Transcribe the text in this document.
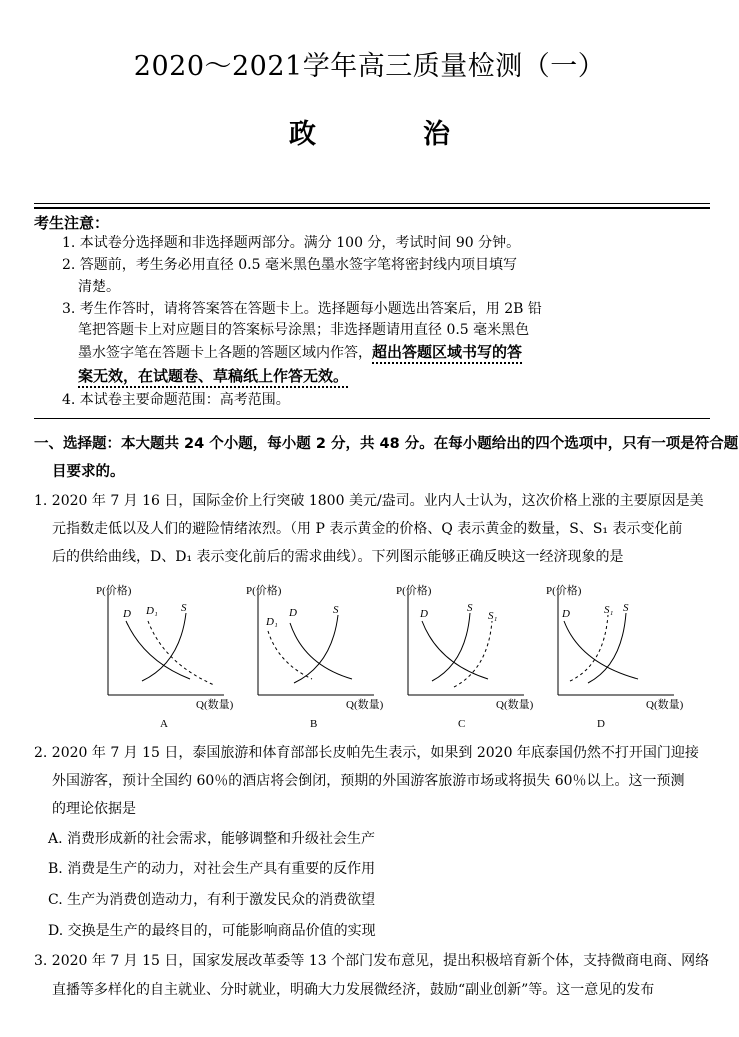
2020～2021学年高三质量检测（一）
政　治
考生注意：
1. 本试卷分选择题和非选择题两部分。满分 100 分，考试时间 90 分钟。
2. 答题前，考生务必用直径 0.5 毫米黑色墨水签字笔将密封线内项目填写
清楚。
3. 考生作答时，请将答案答在答题卡上。选择题每小题选出答案后，用 2B 铅
笔把答题卡上对应题目的答案标号涂黑；非选择题请用直径 0.5 毫米黑色
墨水签字笔在答题卡上各题的答题区域内作答，超出答题区域书写的答
案无效，在试题卷、草稿纸上作答无效。
4. 本试卷主要命题范围：高考范围。
一、选择题：本大题共 24 个小题，每小题 2 分，共 48 分。在每小题给出的四个选项中，只有一项是符合题
目要求的。
1. 2020 年 7 月 16 日，国际金价上行突破 1800 美元/盎司。业内人士认为，这次价格上涨的主要原因是美
元指数走低以及人们的避险情绪浓烈。（用 P 表示黄金的价格、Q 表示黄金的数量，S、S₁ 表示变化前
后的供给曲线，D、D₁ 表示变化前后的需求曲线）。下列图示能够正确反映这一经济现象的是
P(价格)
Q(数量)
D D₁ S
A
P(价格)
Q(数量)
D₁
D	S
B
P(价格)
Q(数量)
D	S
S₁
C
P(价格)
Q(数量)
D	S₁ S
D
2. 2020 年 7 月 15 日，泰国旅游和体育部部长皮帕先生表示，如果到 2020 年底泰国仍然不打开国门迎接
外国游客，预计全国约 60％的酒店将会倒闭，预期的外国游客旅游市场或将损失 60％以上。这一预测
的理论依据是
A. 消费形成新的社会需求，能够调整和升级社会生产
B. 消费是生产的动力，对社会生产具有重要的反作用
C. 生产为消费创造动力，有利于激发民众的消费欲望
D. 交换是生产的最终目的，可能影响商品价值的实现
3. 2020 年 7 月 15 日，国家发展改革委等 13 个部门发布意见，提出积极培育新个体，支持微商电商、网络
直播等多样化的自主就业、分时就业，明确大力发展微经济，鼓励“副业创新”等。这一意见的发布
